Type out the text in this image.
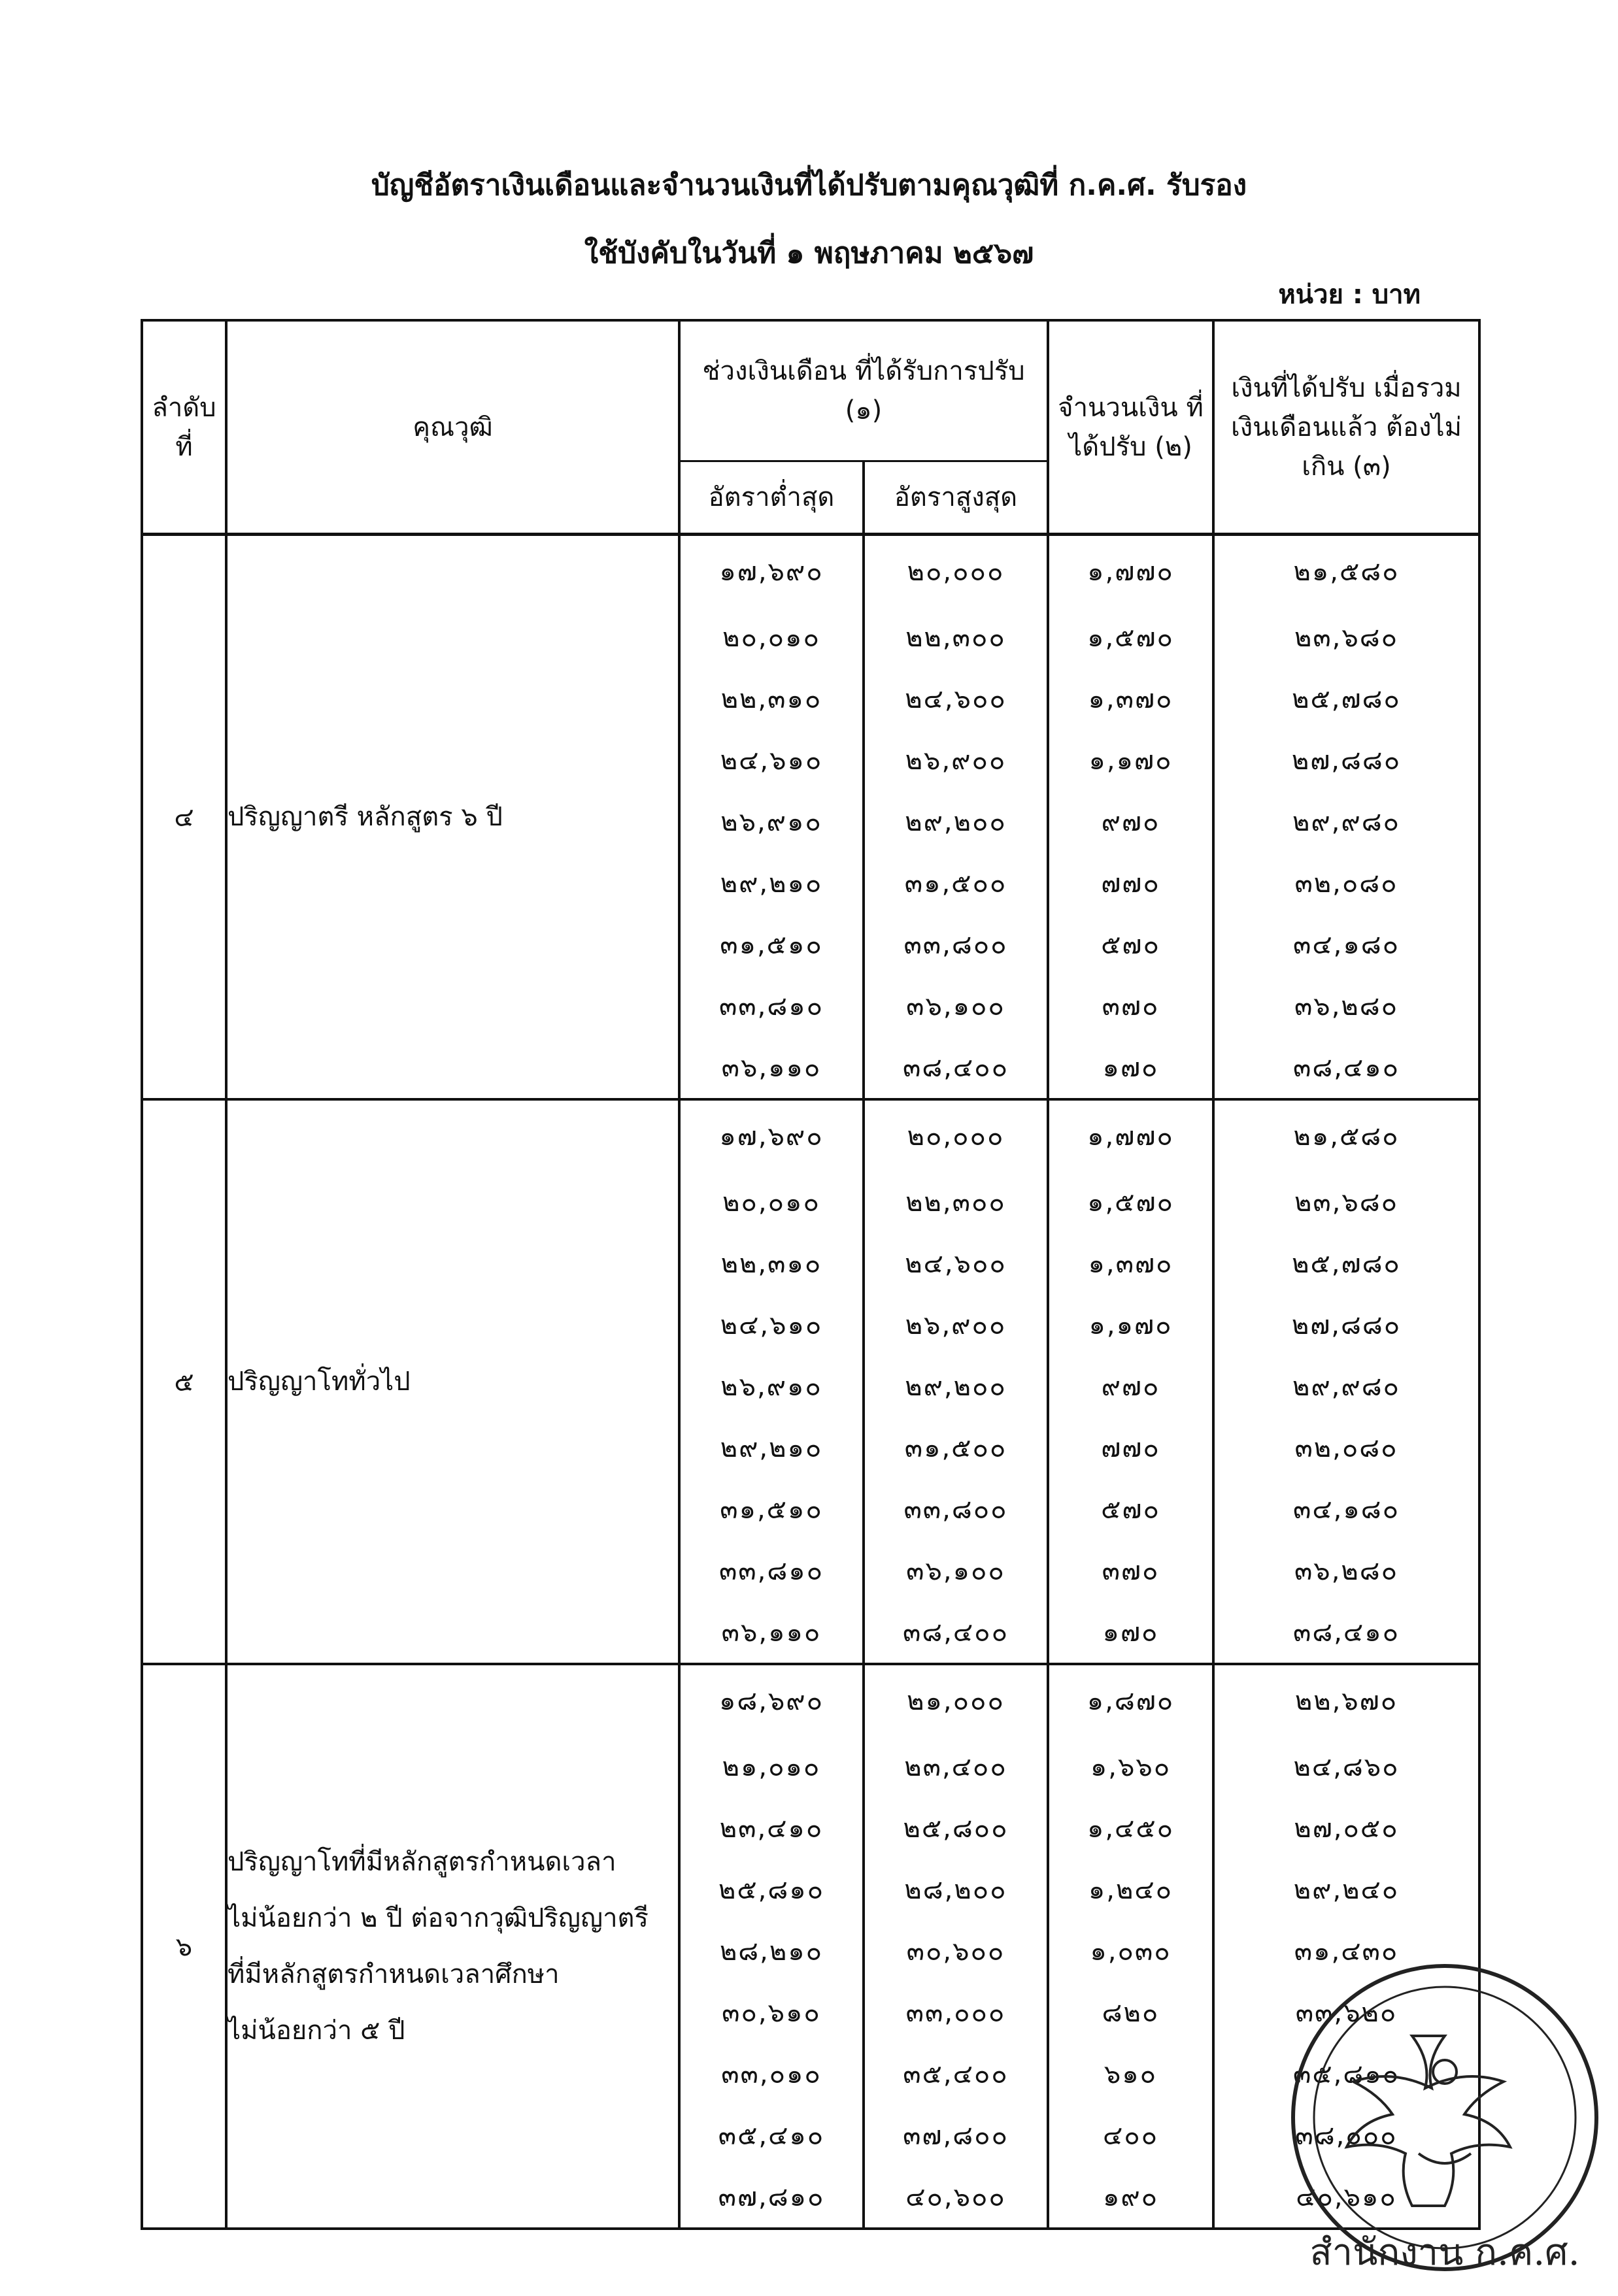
บัญชีอัตราเงินเดือนและจำนวนเงินที่ได้ปรับตามคุณวุฒิที่ ก.ค.ศ. รับรอง
ใช้บังคับในวันที่ ๑ พฤษภาคม ๒๕๖๗
หน่วย : บาท
ลำดับ ที่	คุณวุฒิ	ช่วงเงินเดือน ที่ได้รับการปรับ (๑)		จำนวนเงิน ที่ได้ปรับ (๒)	เงินที่ได้ปรับ เมื่อรวมเงินเดือนแล้ว ต้องไม่เกิน (๓)
		อัตราต่ำสุด	อัตราสูงสุด		
๔	ปริญญาตรี หลักสูตร ๖ ปี	๑๗,๖๙๐	๒๐,๐๐๐	๑,๗๗๐	๒๑,๕๘๐
		๒๐,๐๑๐	๒๒,๓๐๐	๑,๕๗๐	๒๓,๖๘๐
		๒๒,๓๑๐	๒๔,๖๐๐	๑,๓๗๐	๒๕,๗๘๐
		๒๔,๖๑๐	๒๖,๙๐๐	๑,๑๗๐	๒๗,๘๘๐
		๒๖,๙๑๐	๒๙,๒๐๐	๙๗๐	๒๙,๙๘๐
		๒๙,๒๑๐	๓๑,๕๐๐	๗๗๐	๓๒,๐๘๐
		๓๑,๕๑๐	๓๓,๘๐๐	๕๗๐	๓๔,๑๘๐
		๓๓,๘๑๐	๓๖,๑๐๐	๓๗๐	๓๖,๒๘๐
		๓๖,๑๑๐	๓๘,๔๐๐	๑๗๐	๓๘,๔๑๐
๕	ปริญญาโททั่วไป	๑๗,๖๙๐	๒๐,๐๐๐	๑,๗๗๐	๒๑,๕๘๐
		๒๐,๐๑๐	๒๒,๓๐๐	๑,๕๗๐	๒๓,๖๘๐
		๒๒,๓๑๐	๒๔,๖๐๐	๑,๓๗๐	๒๕,๗๘๐
		๒๔,๖๑๐	๒๖,๙๐๐	๑,๑๗๐	๒๗,๘๘๐
		๒๖,๙๑๐	๒๙,๒๐๐	๙๗๐	๒๙,๙๘๐
		๒๙,๒๑๐	๓๑,๕๐๐	๗๗๐	๓๒,๐๘๐
		๓๑,๕๑๐	๓๓,๘๐๐	๕๗๐	๓๔,๑๘๐
		๓๓,๘๑๐	๓๖,๑๐๐	๓๗๐	๓๖,๒๘๐
		๓๖,๑๑๐	๓๘,๔๐๐	๑๗๐	๓๘,๔๑๐
๖	ปริญญาโทที่มีหลักสูตรกำหนดเวลา
ไม่น้อยกว่า ๒ ปี ต่อจากวุฒิปริญญาตรี
ที่มีหลักสูตรกำหนดเวลาศึกษา
ไม่น้อยกว่า ๕ ปี	๑๘,๖๙๐	๒๑,๐๐๐	๑,๘๗๐	๒๒,๖๗๐
		๒๑,๐๑๐	๒๓,๔๐๐	๑,๖๖๐	๒๔,๘๖๐
		๒๓,๔๑๐	๒๕,๘๐๐	๑,๔๕๐	๒๗,๐๕๐
		๒๕,๘๑๐	๒๘,๒๐๐	๑,๒๔๐	๒๙,๒๔๐
		๒๘,๒๑๐	๓๐,๖๐๐	๑,๐๓๐	๓๑,๔๓๐
		๓๐,๖๑๐	๓๓,๐๐๐	๘๒๐	๓๓,๖๒๐
		๓๓,๐๑๐	๓๕,๔๐๐	๖๑๐	๓๕,๘๑๐
		๓๕,๔๑๐	๓๗,๘๐๐	๔๐๐	๓๘,๐๐๐
		๓๗,๘๑๐	๔๐,๖๐๐	๑๙๐	๔๐,๖๑๐
สำนักงาน ก.ค.ศ.
